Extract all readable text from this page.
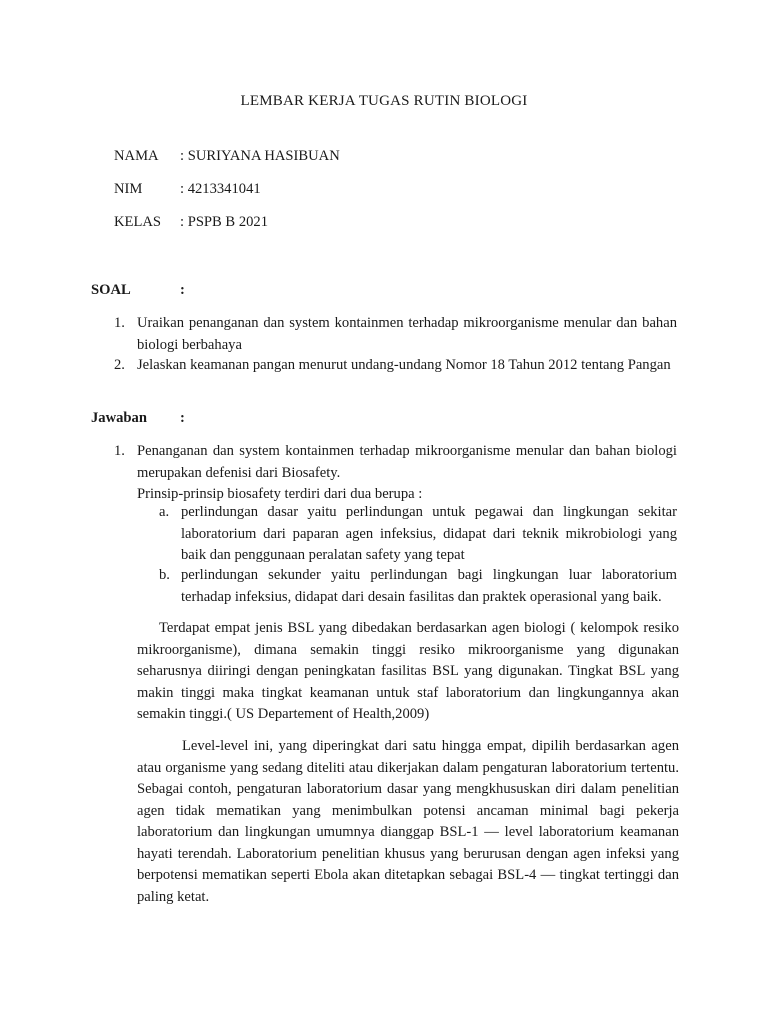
LEMBAR KERJA TUGAS RUTIN BIOLOGI
NAMA : SURIYANA HASIBUAN
NIM	: 4213341041
KELAS : PSPB B 2021
SOAL	:
1. Uraikan penanganan dan system kontainmen terhadap mikroorganisme menular dan bahan biologi berbahaya
2. Jelaskan keamanan pangan menurut undang-undang Nomor 18 Tahun 2012 tentang Pangan
Jawaban :
1. Penanganan dan system kontainmen terhadap mikroorganisme menular dan bahan biologi merupakan defenisi dari Biosafety.
Prinsip-prinsip biosafety terdiri dari dua berupa :
a. perlindungan dasar yaitu perlindungan untuk pegawai dan lingkungan sekitar laboratorium dari paparan agen infeksius, didapat dari teknik mikrobiologi yang baik dan penggunaan peralatan safety yang tepat
b. perlindungan sekunder yaitu perlindungan bagi lingkungan luar laboratorium terhadap infeksius, didapat dari desain fasilitas dan praktek operasional yang baik.
Terdapat empat jenis BSL yang dibedakan berdasarkan agen biologi ( kelompok resiko mikroorganisme), dimana semakin tinggi resiko mikroorganisme yang digunakan seharusnya diiringi dengan peningkatan fasilitas BSL yang digunakan. Tingkat BSL yang makin tinggi maka tingkat keamanan untuk staf laboratorium dan lingkungannya akan semakin tinggi.( US Departement of Health,2009)
Level-level ini, yang diperingkat dari satu hingga empat, dipilih berdasarkan agen atau organisme yang sedang diteliti atau dikerjakan dalam pengaturan laboratorium tertentu. Sebagai contoh, pengaturan laboratorium dasar yang mengkhususkan diri dalam penelitian agen tidak mematikan yang menimbulkan potensi ancaman minimal bagi pekerja laboratorium dan lingkungan umumnya dianggap BSL-1 — level laboratorium keamanan hayati terendah. Laboratorium penelitian khusus yang berurusan dengan agen infeksi yang berpotensi mematikan seperti Ebola akan ditetapkan sebagai BSL-4 — tingkat tertinggi dan paling ketat.
